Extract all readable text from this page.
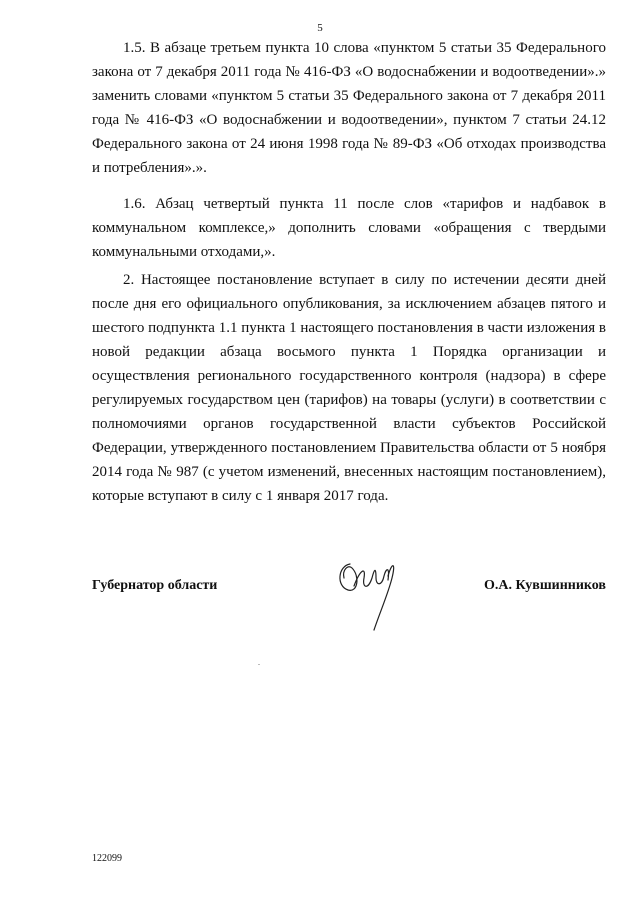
5

1.5. В абзаце третьем пункта 10 слова «пунктом 5 статьи 35 Федерального закона от 7 декабря 2011 года № 416-ФЗ «О водоснабжении и водоотведении».» заменить словами «пунктом 5 статьи 35 Федерального закона от 7 декабря 2011 года № 416-ФЗ «О водоснабжении и водоотведении», пунктом 7 статьи 24.12 Федерального закона от 24 июня 1998 года № 89-ФЗ «Об отходах производства и потребления».».

1.6. Абзац четвертый пункта 11 после слов «тарифов и надбавок в коммунальном комплексе,» дополнить словами «обращения с твердыми коммунальными отходами,».

2. Настоящее постановление вступает в силу по истечении десяти дней после дня его официального опубликования, за исключением абзацев пятого и шестого подпункта 1.1 пункта 1 настоящего постановления в части изложения в новой редакции абзаца восьмого пункта 1 Порядка организации и осуществления регионального государственного контроля (надзора) в сфере регулируемых государством цен (тарифов) на товары (услуги) в соответствии с полномочиями органов государственной власти субъектов Российской Федерации, утвержденного постановлением Правительства области от 5 ноября 2014 года № 987 (с учетом изменений, внесенных настоящим постановлением), которые вступают в силу с 1 января 2017 года.

Губернатор области	О.А. Кувшинников
122099
